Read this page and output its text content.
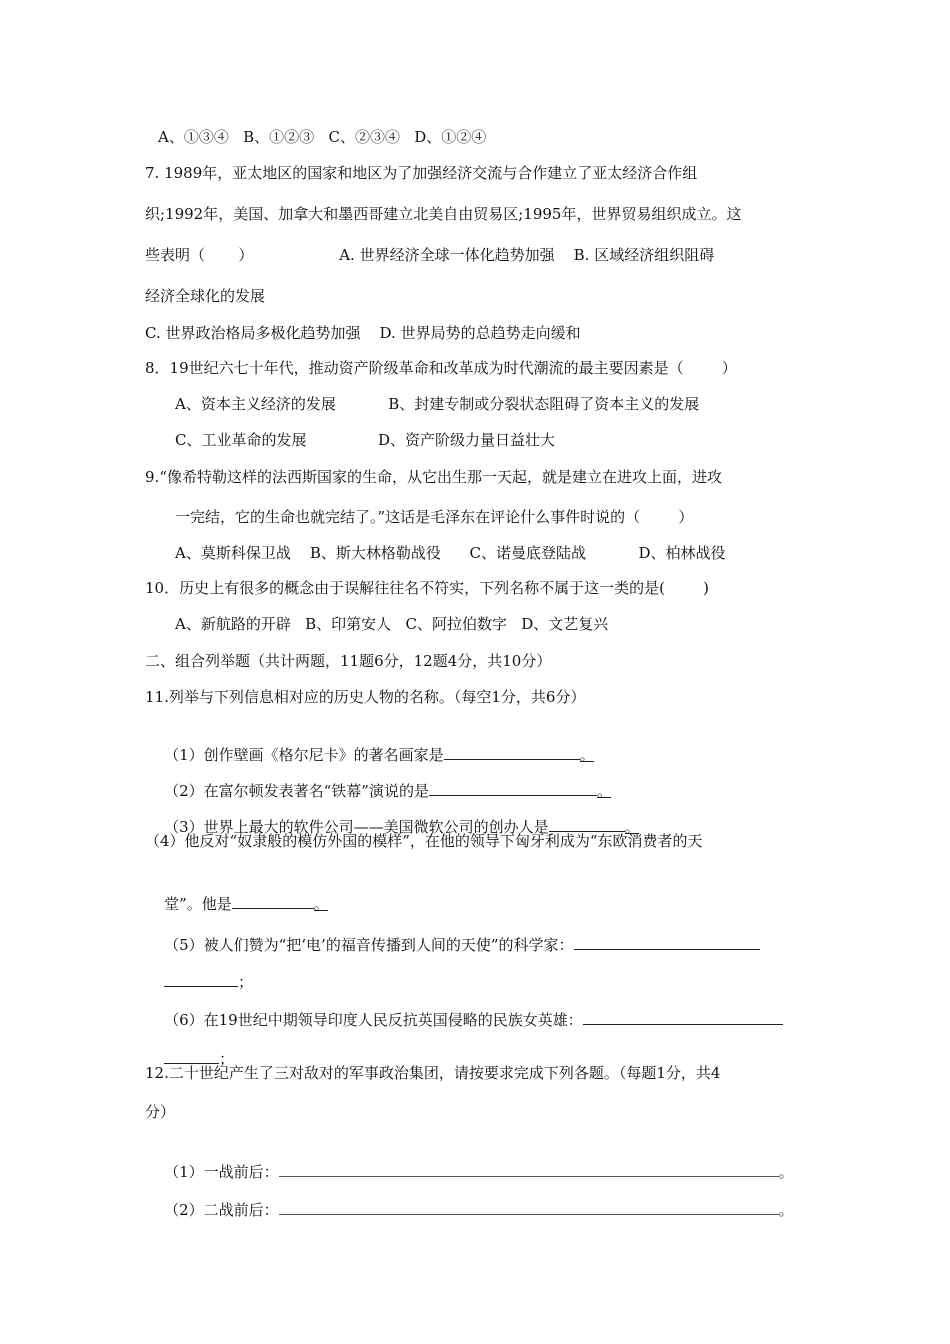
A、①③④   B、①②③   C、②③④   D、①②④
7. 1989年，亚太地区的国家和地区为了加强经济交流与合作建立了亚太经济合作组
织;1992年，美国、加拿大和墨西哥建立北美自由贸易区;1995年，世界贸易组织成立。这
些表明（       ）                  A. 世界经济全球一体化趋势加强    B. 区域经济组织阻碍
经济全球化的发展
C. 世界政治格局多极化趋势加强    D. 世界局势的总趋势走向缓和
8．19世纪六七十年代，推动资产阶级革命和改革成为时代潮流的最主要因素是（        ）
A、资本主义经济的发展           B、封建专制或分裂状态阻碍了资本主义的发展
C、工业革命的发展               D、资产阶级力量日益壮大
9.“像希特勒这样的法西斯国家的生命，从它出生那一天起，就是建立在进攻上面，进攻
一完结，它的生命也就完结了。”这话是毛泽东在评论什么事件时说的（        ）
A、莫斯科保卫战    B、斯大林格勒战役      C、诺曼底登陆战           D、柏林战役
10．历史上有很多的概念由于误解往往名不符实，下列名称不属于这一类的是(        )
A、新航路的开辟   B、印第安人   C、阿拉伯数字   D、文艺复兴
二、组合列举题（共计两题，11题6分，12题4分，共10分）
11.列举与下列信息相对应的历史人物的名称。（每空1分，共6分）

（1）创作壁画《格尔尼卡》的著名画家是	。

（2）在富尔顿发表著名“铁幕”演说的是	。

（3）世界上最大的软件公司——美国微软公司的创办人是	。

（4）他反对“奴隶般的模仿外国的模样”，在他的领导下匈牙利成为“东欧消费者的天

堂”。他是	。

（5）被人们赞为“把‘电’的福音传播到人间的天使”的科学家：

；

（6）在19世纪中期领导印度人民反抗英国侵略的民族女英雄：

；

12.二十世纪产生了三对敌对的军事政治集团，请按要求完成下列各题。（每题1分，共4
分）

（1）一战前后：	。

（2）二战前后：	。
